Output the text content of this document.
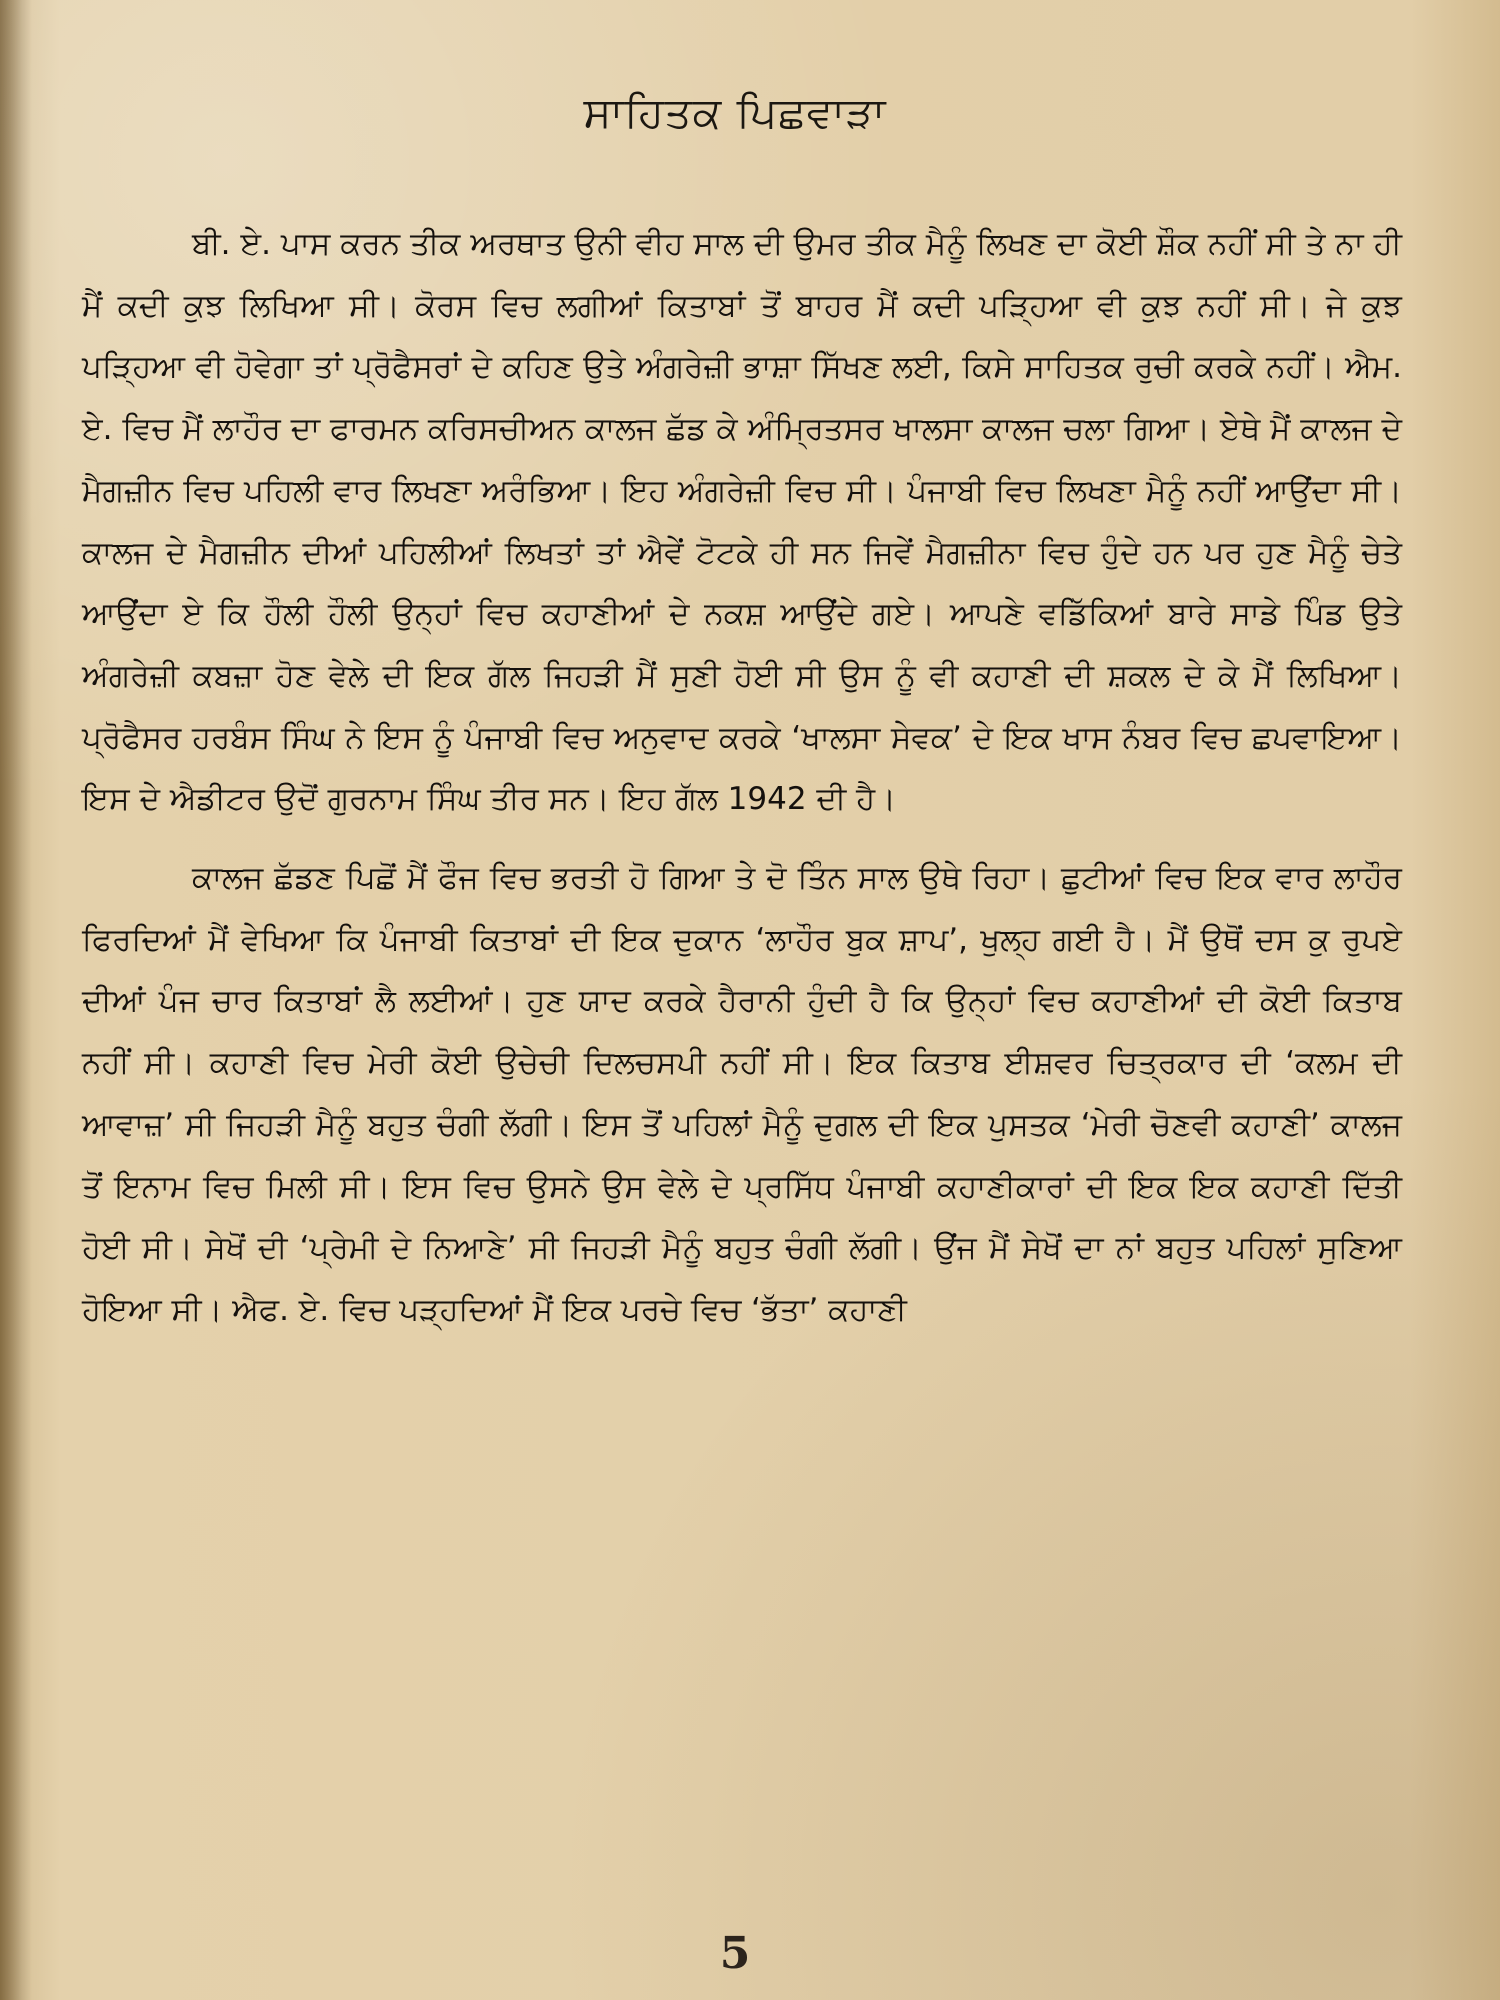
ਸਾਹਿਤਕ ਪਿਛਵਾੜਾ

ਬੀ. ਏ. ਪਾਸ ਕਰਨ ਤੀਕ ਅਰਥਾਤ ਉਨੀ ਵੀਹ ਸਾਲ ਦੀ ਉਮਰ ਤੀਕ ਮੈਨੂੰ ਲਿਖਣ ਦਾ ਕੋਈ ਸ਼ੌਕ ਨਹੀਂ ਸੀ ਤੇ ਨਾ ਹੀ ਮੈਂ ਕਦੀ ਕੁਝ ਲਿਖਿਆ ਸੀ। ਕੋਰਸ ਵਿਚ ਲਗੀਆਂ ਕਿਤਾਬਾਂ ਤੋਂ ਬਾਹਰ ਮੈਂ ਕਦੀ ਪੜ੍ਹਿਆ ਵੀ ਕੁਝ ਨਹੀਂ ਸੀ। ਜੇ ਕੁਝ ਪੜ੍ਹਿਆ ਵੀ ਹੋਵੇਗਾ ਤਾਂ ਪ੍ਰੋਫੈਸਰਾਂ ਦੇ ਕਹਿਣ ਉਤੇ ਅੰਗਰੇਜ਼ੀ ਭਾਸ਼ਾ ਸਿੱਖਣ ਲਈ, ਕਿਸੇ ਸਾਹਿਤਕ ਰੁਚੀ ਕਰਕੇ ਨਹੀਂ। ਐਮ. ਏ. ਵਿਚ ਮੈਂ ਲਾਹੌਰ ਦਾ ਫਾਰਮਨ ਕਰਿਸਚੀਅਨ ਕਾਲਜ ਛੱਡ ਕੇ ਅੰਮ੍ਰਿਤਸਰ ਖਾਲਸਾ ਕਾਲਜ ਚਲਾ ਗਿਆ। ਏਥੇ ਮੈਂ ਕਾਲਜ ਦੇ ਮੈਗਜ਼ੀਨ ਵਿਚ ਪਹਿਲੀ ਵਾਰ ਲਿਖਣਾ ਅਰੰਭਿਆ। ਇਹ ਅੰਗਰੇਜ਼ੀ ਵਿਚ ਸੀ। ਪੰਜਾਬੀ ਵਿਚ ਲਿਖਣਾ ਮੈਨੂੰ ਨਹੀਂ ਆਉਂਦਾ ਸੀ। ਕਾਲਜ ਦੇ ਮੈਗਜ਼ੀਨ ਦੀਆਂ ਪਹਿਲੀਆਂ ਲਿਖਤਾਂ ਤਾਂ ਐਵੇਂ ਟੋਟਕੇ ਹੀ ਸਨ ਜਿਵੇਂ ਮੈਗਜ਼ੀਨਾ ਵਿਚ ਹੁੰਦੇ ਹਨ ਪਰ ਹੁਣ ਮੈਨੂੰ ਚੇਤੇ ਆਉਂਦਾ ਏ ਕਿ ਹੌਲੀ ਹੌਲੀ ਉਨ੍ਹਾਂ ਵਿਚ ਕਹਾਣੀਆਂ ਦੇ ਨਕਸ਼ ਆਉਂਦੇ ਗਏ। ਆਪਣੇ ਵਡਿੱਕਿਆਂ ਬਾਰੇ ਸਾਡੇ ਪਿੰਡ ਉਤੇ ਅੰਗਰੇਜ਼ੀ ਕਬਜ਼ਾ ਹੋਣ ਵੇਲੇ ਦੀ ਇਕ ਗੱਲ ਜਿਹੜੀ ਮੈਂ ਸੁਣੀ ਹੋਈ ਸੀ ਉਸ ਨੂੰ ਵੀ ਕਹਾਣੀ ਦੀ ਸ਼ਕਲ ਦੇ ਕੇ ਮੈਂ ਲਿਖਿਆ। ਪ੍ਰੋਫੈਸਰ ਹਰਬੰਸ ਸਿੰਘ ਨੇ ਇਸ ਨੂੰ ਪੰਜਾਬੀ ਵਿਚ ਅਨੁਵਾਦ ਕਰਕੇ ‘ਖਾਲਸਾ ਸੇਵਕ’ ਦੇ ਇਕ ਖਾਸ ਨੰਬਰ ਵਿਚ ਛਪਵਾਇਆ। ਇਸ ਦੇ ਐਡੀਟਰ ਉਦੋਂ ਗੁਰਨਾਮ ਸਿੰਘ ਤੀਰ ਸਨ। ਇਹ ਗੱਲ 1942 ਦੀ ਹੈ।

ਕਾਲਜ ਛੱਡਣ ਪਿਛੋਂ ਮੈਂ ਫੌਜ ਵਿਚ ਭਰਤੀ ਹੋ ਗਿਆ ਤੇ ਦੋ ਤਿੰਨ ਸਾਲ ਉਥੇ ਰਿਹਾ। ਛੁਟੀਆਂ ਵਿਚ ਇਕ ਵਾਰ ਲਾਹੌਰ ਫਿਰਦਿਆਂ ਮੈਂ ਵੇਖਿਆ ਕਿ ਪੰਜਾਬੀ ਕਿਤਾਬਾਂ ਦੀ ਇਕ ਦੁਕਾਨ ‘ਲਾਹੌਰ ਬੁਕ ਸ਼ਾਪ’, ਖੁਲ੍ਹ ਗਈ ਹੈ। ਮੈਂ ਉਥੋਂ ਦਸ ਕੁ ਰੁਪਏ ਦੀਆਂ ਪੰਜ ਚਾਰ ਕਿਤਾਬਾਂ ਲੈ ਲਈਆਂ। ਹੁਣ ਯਾਦ ਕਰਕੇ ਹੈਰਾਨੀ ਹੁੰਦੀ ਹੈ ਕਿ ਉਨ੍ਹਾਂ ਵਿਚ ਕਹਾਣੀਆਂ ਦੀ ਕੋਈ ਕਿਤਾਬ ਨਹੀਂ ਸੀ। ਕਹਾਣੀ ਵਿਚ ਮੇਰੀ ਕੋਈ ਉਚੇਚੀ ਦਿਲਚਸਪੀ ਨਹੀਂ ਸੀ। ਇਕ ਕਿਤਾਬ ਈਸ਼ਵਰ ਚਿਤ੍ਰਕਾਰ ਦੀ ‘ਕਲਮ ਦੀ ਆਵਾਜ਼’ ਸੀ ਜਿਹੜੀ ਮੈਨੂੰ ਬਹੁਤ ਚੰਗੀ ਲੱਗੀ। ਇਸ ਤੋਂ ਪਹਿਲਾਂ ਮੈਨੂੰ ਦੁਗਲ ਦੀ ਇਕ ਪੁਸਤਕ ‘ਮੇਰੀ ਚੋਣਵੀ ਕਹਾਣੀ’ ਕਾਲਜ ਤੋਂ ਇਨਾਮ ਵਿਚ ਮਿਲੀ ਸੀ। ਇਸ ਵਿਚ ਉਸਨੇ ਉਸ ਵੇਲੇ ਦੇ ਪ੍ਰਸਿੱਧ ਪੰਜਾਬੀ ਕਹਾਣੀਕਾਰਾਂ ਦੀ ਇਕ ਇਕ ਕਹਾਣੀ ਦਿੱਤੀ ਹੋਈ ਸੀ। ਸੇਖੋਂ ਦੀ ‘ਪ੍ਰੇਮੀ ਦੇ ਨਿਆਣੇ’ ਸੀ ਜਿਹੜੀ ਮੈਨੂੰ ਬਹੁਤ ਚੰਗੀ ਲੱਗੀ। ਉਂਜ ਮੈਂ ਸੇਖੋਂ ਦਾ ਨਾਂ ਬਹੁਤ ਪਹਿਲਾਂ ਸੁਣਿਆ ਹੋਇਆ ਸੀ। ਐਫ. ਏ. ਵਿਚ ਪੜ੍ਹਦਿਆਂ ਮੈਂ ਇਕ ਪਰਚੇ ਵਿਚ ‘ਭੱਤਾ’ ਕਹਾਣੀ

5
